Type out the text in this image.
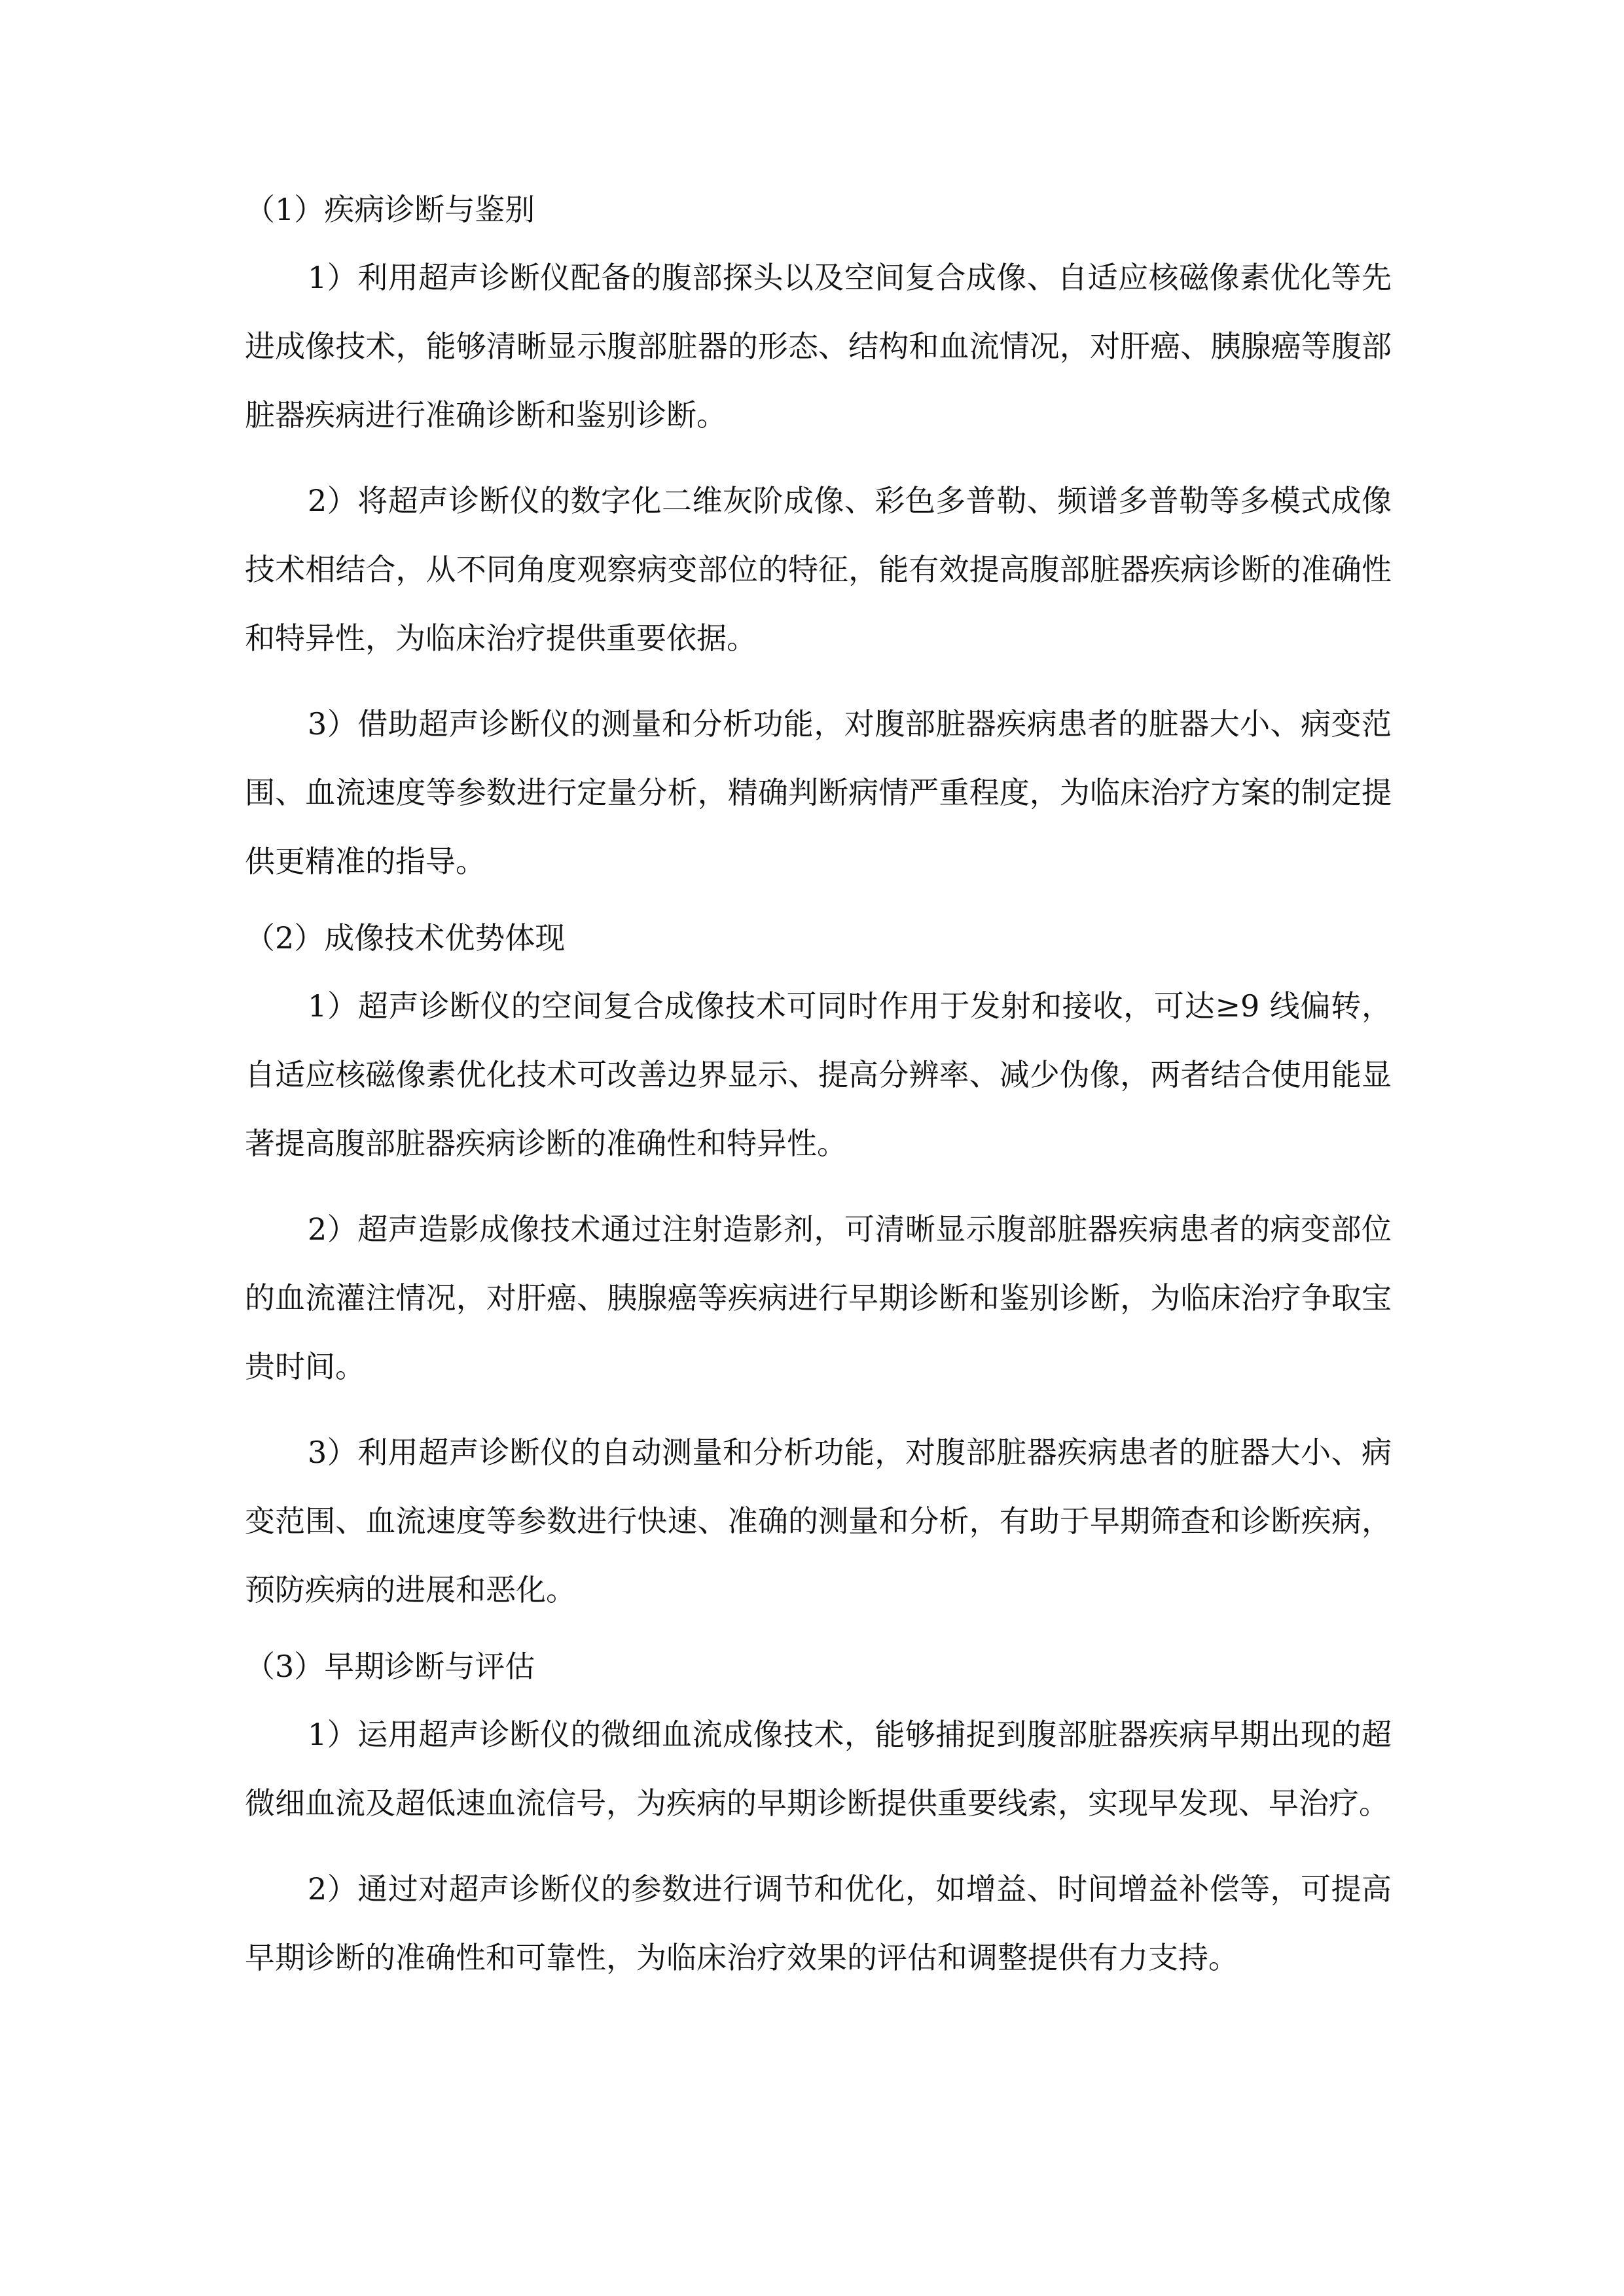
（1）疾病诊断与鉴别

1）利用超声诊断仪配备的腹部探头以及空间复合成像、自适应核磁像素优化等先进成像技术，能够清晰显示腹部脏器的形态、结构和血流情况，对肝癌、胰腺癌等腹部脏器疾病进行准确诊断和鉴别诊断。

2）将超声诊断仪的数字化二维灰阶成像、彩色多普勒、频谱多普勒等多模式成像技术相结合，从不同角度观察病变部位的特征，能有效提高腹部脏器疾病诊断的准确性和特异性，为临床治疗提供重要依据。

3）借助超声诊断仪的测量和分析功能，对腹部脏器疾病患者的脏器大小、病变范围、血流速度等参数进行定量分析，精确判断病情严重程度，为临床治疗方案的制定提供更精准的指导。

（2）成像技术优势体现

1）超声诊断仪的空间复合成像技术可同时作用于发射和接收，可达≥9 线偏转，自适应核磁像素优化技术可改善边界显示、提高分辨率、减少伪像，两者结合使用能显著提高腹部脏器疾病诊断的准确性和特异性。

2）超声造影成像技术通过注射造影剂，可清晰显示腹部脏器疾病患者的病变部位的血流灌注情况，对肝癌、胰腺癌等疾病进行早期诊断和鉴别诊断，为临床治疗争取宝贵时间。

3）利用超声诊断仪的自动测量和分析功能，对腹部脏器疾病患者的脏器大小、病变范围、血流速度等参数进行快速、准确的测量和分析，有助于早期筛查和诊断疾病，预防疾病的进展和恶化。

（3）早期诊断与评估

1）运用超声诊断仪的微细血流成像技术，能够捕捉到腹部脏器疾病早期出现的超微细血流及超低速血流信号，为疾病的早期诊断提供重要线索，实现早发现、早治疗。

2）通过对超声诊断仪的参数进行调节和优化，如增益、时间增益补偿等，可提高早期诊断的准确性和可靠性，为临床治疗效果的评估和调整提供有力支持。
